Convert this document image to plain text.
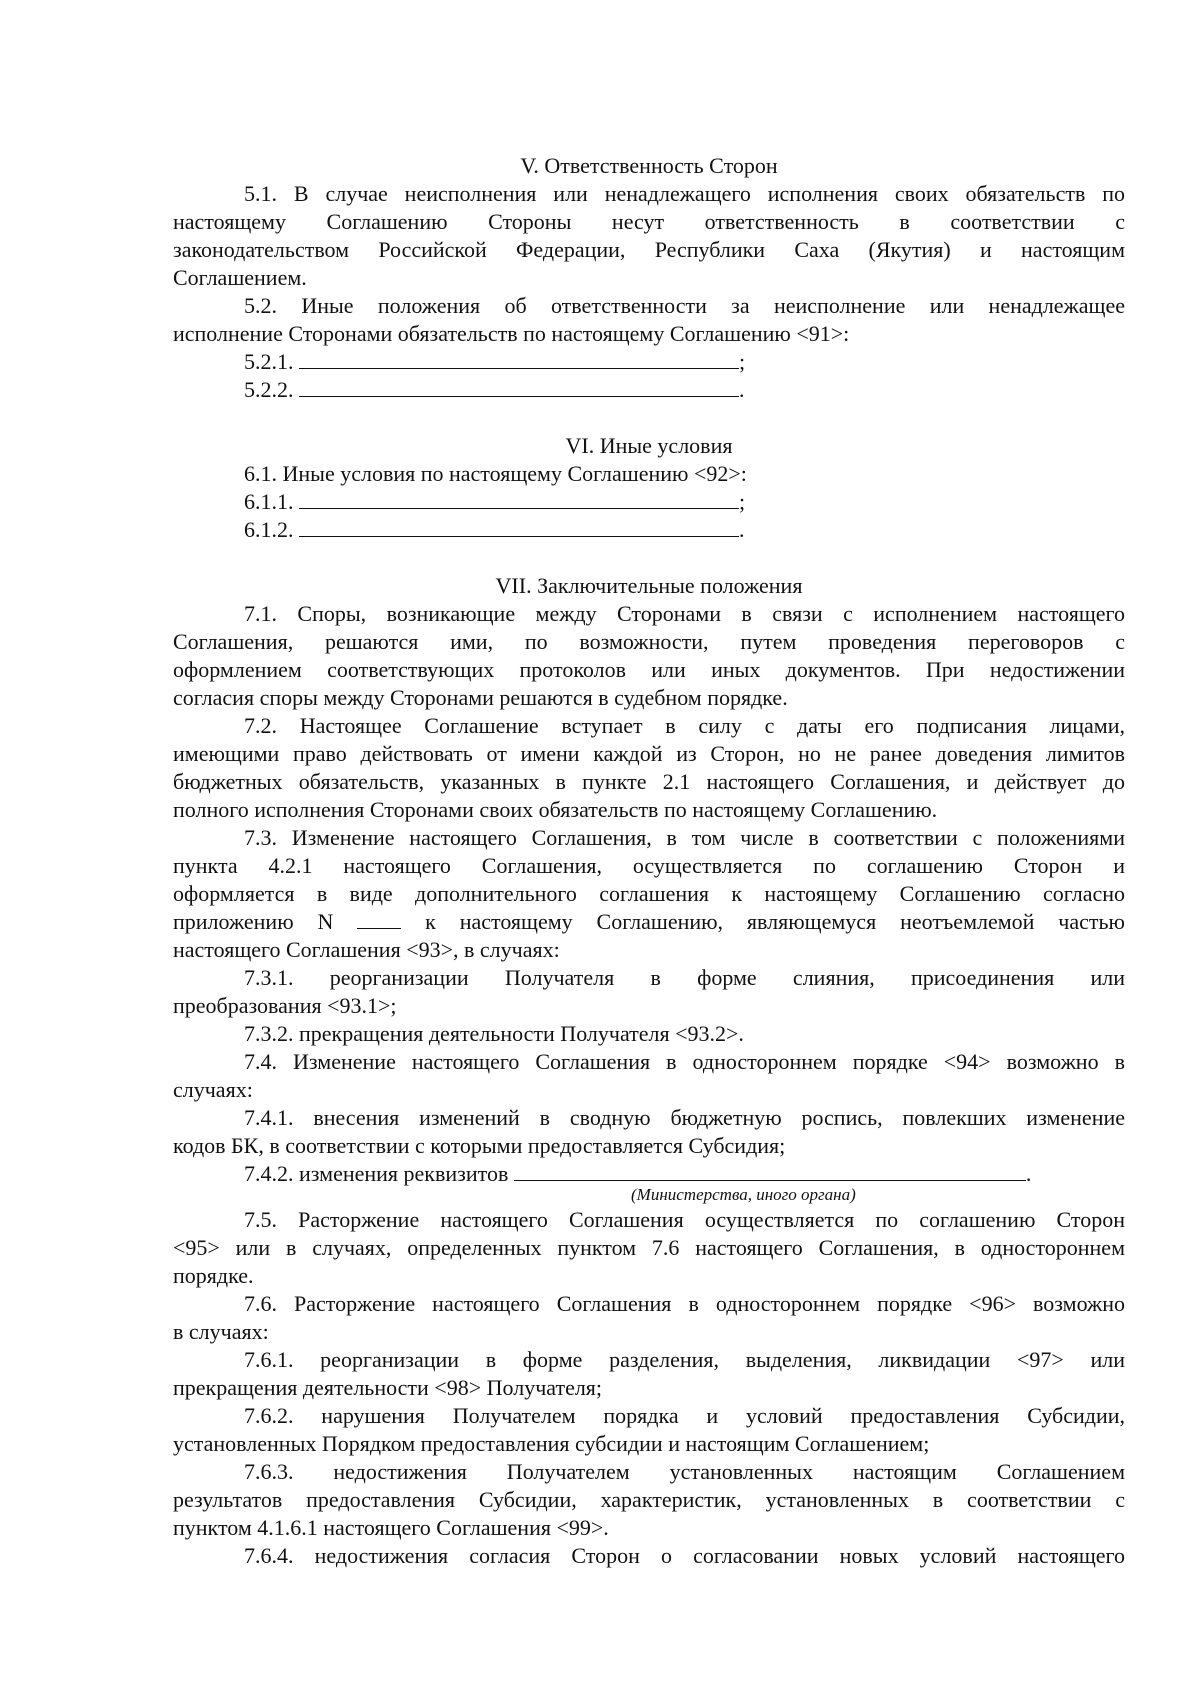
V. Ответственность Сторон
5.1. В случае неисполнения или ненадлежащего исполнения своих обязательств по
настоящему Соглашению Стороны несут ответственность в соответствии с
законодательством Российской Федерации, Республики Саха (Якутия) и настоящим
Соглашением.
5.2. Иные положения об ответственности за неисполнение или ненадлежащее
исполнение Сторонами обязательств по настоящему Соглашению <91>:
5.2.1.	;
5.2.2.	.
VI. Иные условия
6.1. Иные условия по настоящему Соглашению <92>:
6.1.1.	;
6.1.2.	.
VII. Заключительные положения
7.1. Споры, возникающие между Сторонами в связи с исполнением настоящего
Соглашения, решаются ими, по возможности, путем проведения переговоров с
оформлением соответствующих протоколов или иных документов. При недостижении
согласия споры между Сторонами решаются в судебном порядке.
7.2. Настоящее Соглашение вступает в силу с даты его подписания лицами,
имеющими право действовать от имени каждой из Сторон, но не ранее доведения лимитов
бюджетных обязательств, указанных в пункте 2.1 настоящего Соглашения, и действует до
полного исполнения Сторонами своих обязательств по настоящему Соглашению.
7.3. Изменение настоящего Соглашения, в том числе в соответствии с положениями
пункта 4.2.1 настоящего Соглашения, осуществляется по соглашению Сторон и
оформляется в виде дополнительного соглашения к настоящему Соглашению согласно
приложению N	к настоящему Соглашению, являющемуся неотъемлемой частью
настоящего Соглашения <93>, в случаях:
7.3.1. реорганизации Получателя в форме слияния, присоединения или
преобразования <93.1>;
7.3.2. прекращения деятельности Получателя <93.2>.
7.4. Изменение настоящего Соглашения в одностороннем порядке <94> возможно в
случаях:
7.4.1. внесения изменений в сводную бюджетную роспись, повлекших изменение
кодов БК, в соответствии с которыми предоставляется Субсидия;
7.4.2. изменения реквизитов	.
(Министерства, иного органа)
7.5. Расторжение настоящего Соглашения осуществляется по соглашению Сторон
<95> или в случаях, определенных пунктом 7.6 настоящего Соглашения, в одностороннем
порядке.
7.6. Расторжение настоящего Соглашения в одностороннем порядке <96> возможно
в случаях:
7.6.1. реорганизации в форме разделения, выделения, ликвидации <97> или
прекращения деятельности <98> Получателя;
7.6.2. нарушения Получателем порядка и условий предоставления Субсидии,
установленных Порядком предоставления субсидии и настоящим Соглашением;
7.6.3. недостижения Получателем установленных настоящим Соглашением
результатов предоставления Субсидии, характеристик, установленных в соответствии с
пунктом 4.1.6.1 настоящего Соглашения <99>.
7.6.4. недостижения согласия Сторон о согласовании новых условий настоящего
